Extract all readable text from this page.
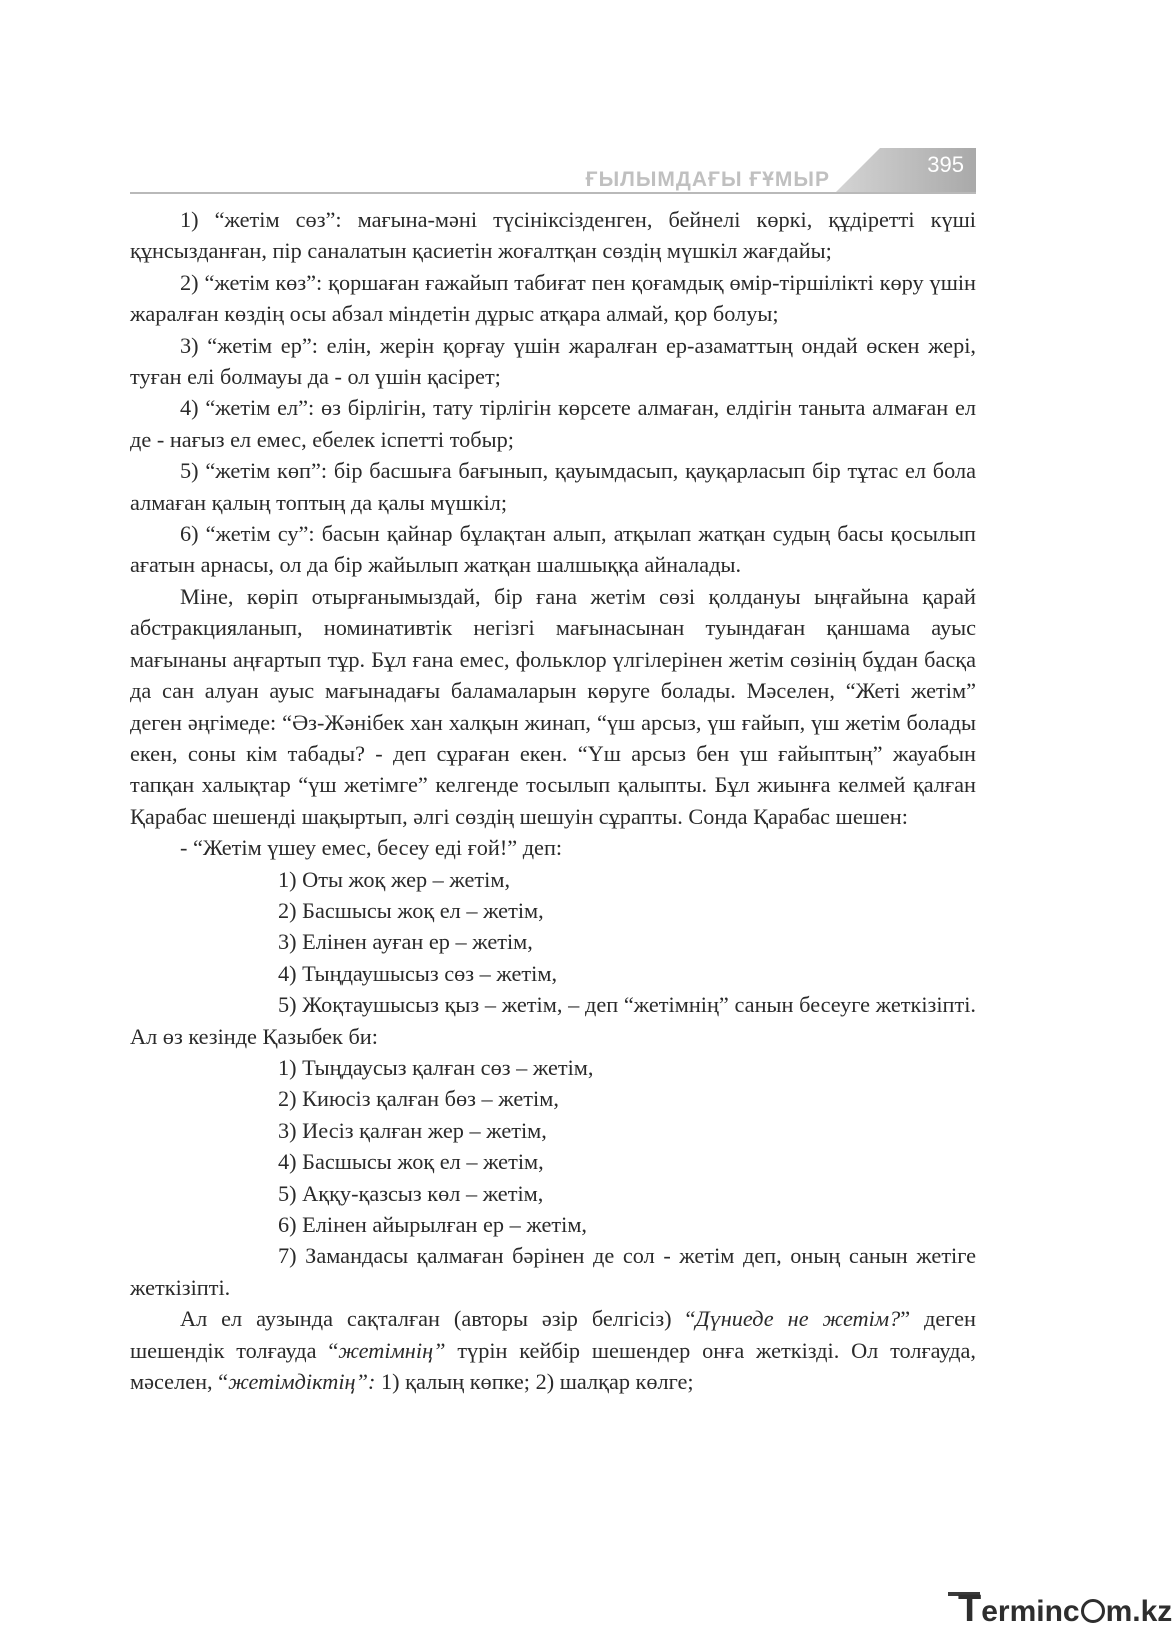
ҒЫЛЫМДАҒЫ ҒҰМЫР
395

1) “жетім сөз”: мағына-мәні түсініксізденген, бейнелі көркі, құдіретті күші құнсызданған, пір саналатын қасиетін жоғалтқан сөздің мүшкіл жағдайы;

2) “жетім көз”: қоршаған ғажайып табиғат пен қоғамдық өмір-тіршілікті көру үшін жаралған көздің осы абзал міндетін дұрыс атқара алмай, қор болуы;

3) “жетім ер”: елін, жерін қорғау үшін жаралған ер-азаматтың ондай өскен жері, туған елі болмауы да - ол үшін қасірет;

4) “жетім ел”: өз бірлігін, тату тірлігін көрсете алмаған, елдігін таныта алмаған ел де - нағыз ел емес, ебелек іспетті тобыр;

5) “жетім көп”: бір басшыға бағынып, қауымдасып, қауқарласып бір тұтас ел бола алмаған қалың топтың да қалы мүшкіл;

6) “жетім су”: басын қайнар бұлақтан алып, атқылап жатқан судың басы қосылып ағатын арнасы, ол да бір жайылып жатқан шалшыққа айналады.

Міне, көріп отырғанымыздай, бір ғана жетім сөзі қолдануы ыңғайына қарай абстракцияланып, номинативтік негізгі мағынасынан туындаған қаншама ауыс мағынаны аңғартып тұр. Бұл ғана емес, фольклор үлгілерінен жетім сөзінің бұдан басқа да сан алуан ауыс мағынадағы баламаларын көруге болады. Мәселен, “Жеті жетім” деген әңгімеде: “Әз-Жәнібек хан халқын жинап, “үш арсыз, үш ғайып, үш жетім болады екен, соны кім табады? - деп сұраған екен. “Үш арсыз бен үш ғайыптың” жауабын тапқан халықтар “үш жетімге” келгенде тосылып қалыпты. Бұл жиынға келмей қалған Қарабас шешенді шақыртып, әлгі сөздің шешуін сұрапты. Сонда Қарабас шешен:

- “Жетім үшеу емес, бесеу еді ғой!” деп:

1) Оты жоқ жер – жетім,

2) Басшысы жоқ ел – жетім,

3) Елінен ауған ер – жетім,

4) Тыңдаушысыз сөз – жетім,

5) Жоқтаушысыз қыз – жетім, – деп “жетімнің” санын бесеуге жеткізіпті. Ал өз кезінде Қазыбек би:

1) Тыңдаусыз қалған сөз – жетім,

2) Киюсіз қалған бөз – жетім,

3) Иесіз қалған жер – жетім,

4) Басшысы жоқ ел – жетім,

5) Аққу-қазсыз көл – жетім,

6) Елінен айырылған ер – жетім,

7) Замандасы қалмаған бәрінен де сол - жетім деп, оның санын жетіге жеткізіпті.

Ал ел аузында сақталған (авторы әзір белгісіз) “Дүниеде не жетім?” деген шешендік толғауда “жетімнің” түрін кейбір шешендер онға жеткізді. Ол толғауда, мәселен, “жетімдіктің”: 1) қалың көпке; 2) шалқар көлге;

Terminc m.kz
